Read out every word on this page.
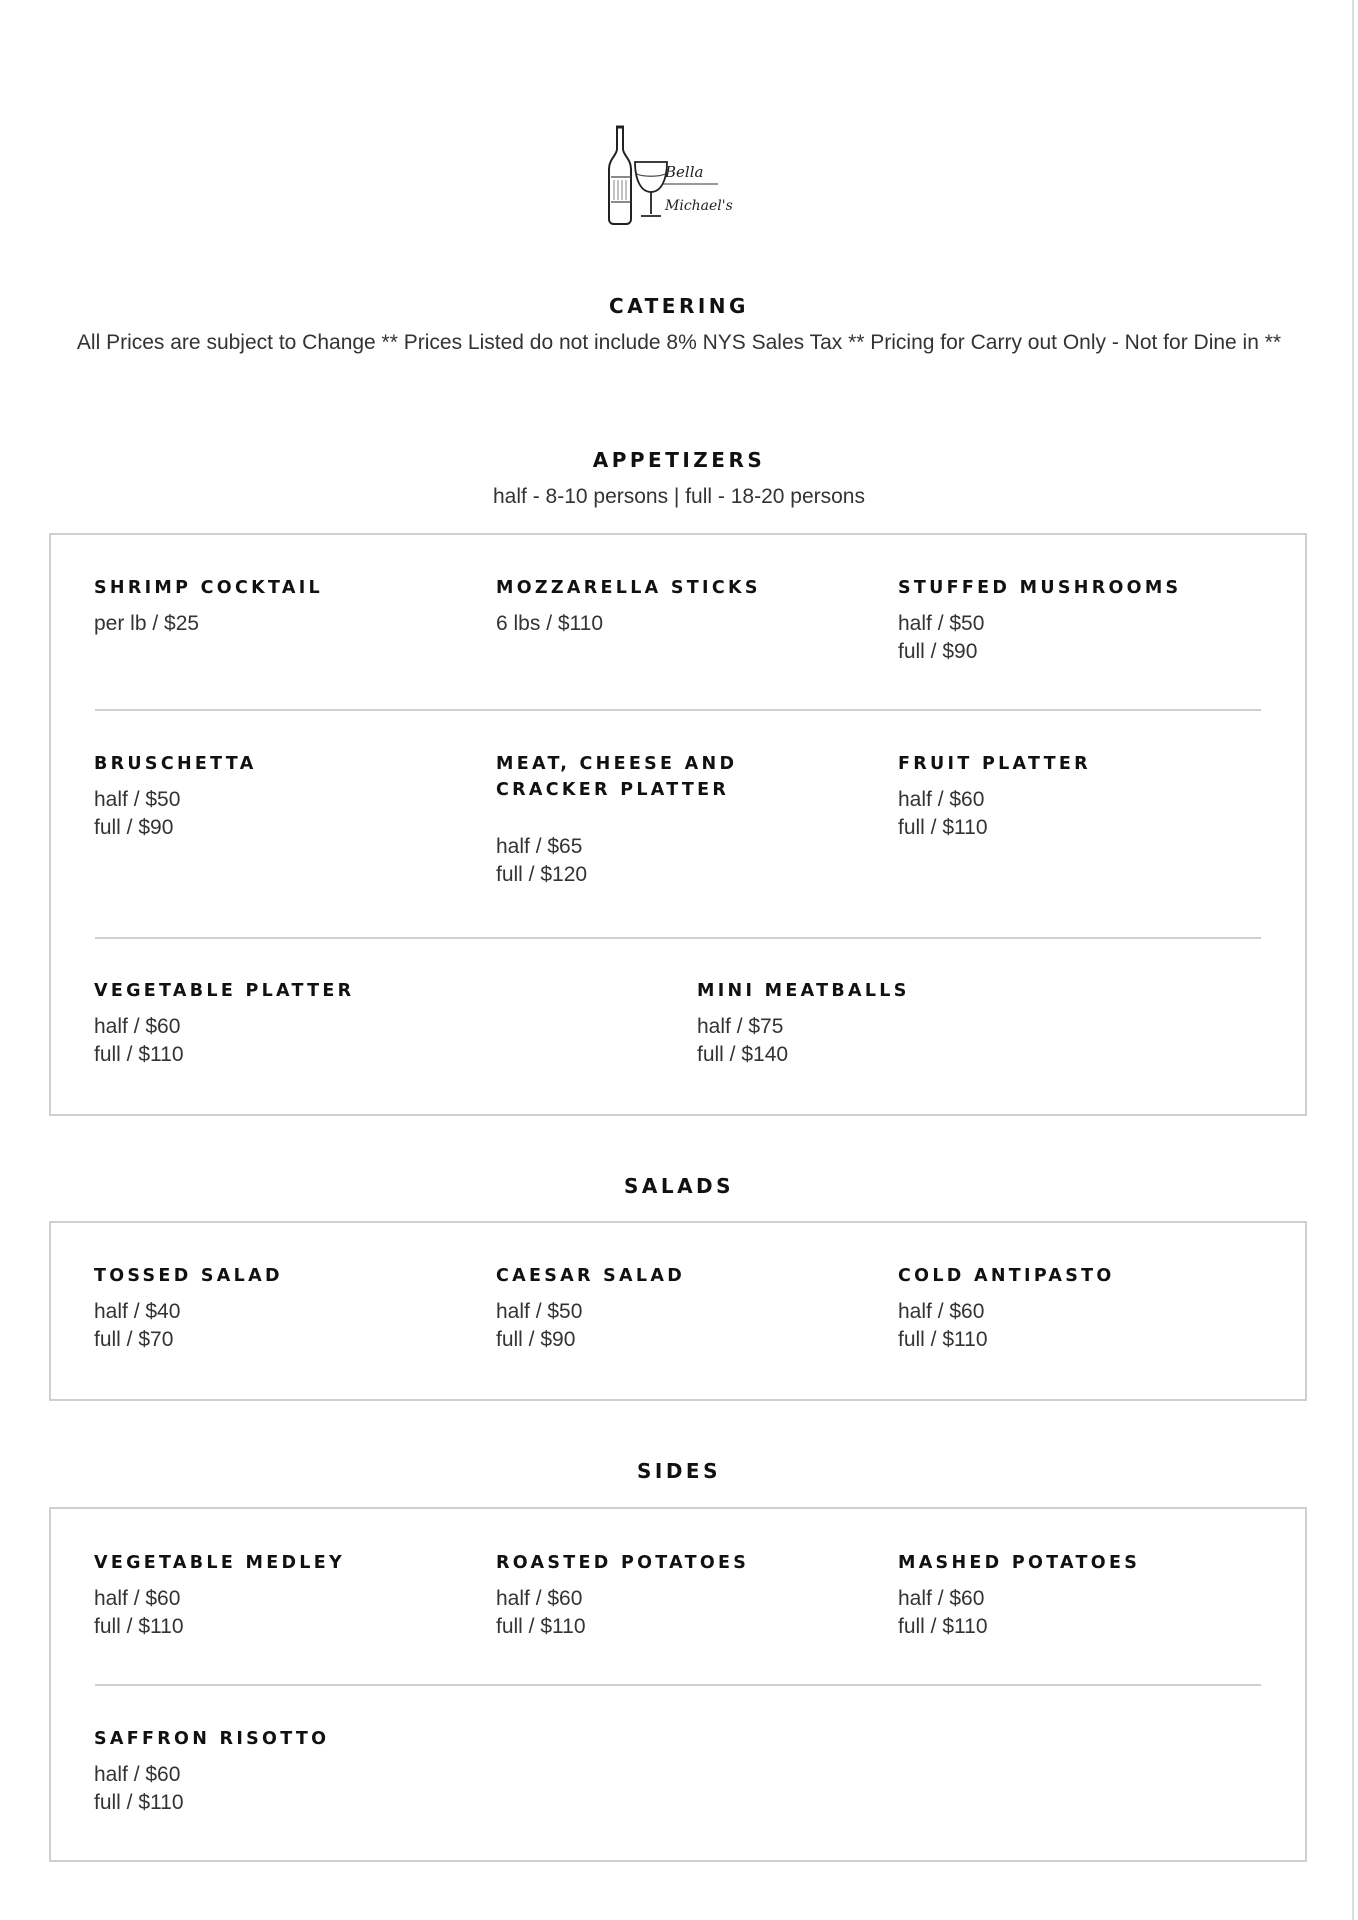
Bella
Michael's
CATERING
All Prices are subject to Change ** Prices Listed do not include 8% NYS Sales Tax ** Pricing for Carry out Only - Not for Dine in **
APPETIZERS
half - 8-10 persons | full - 18-20 persons
SHRIMP COCKTAIL
per lb / $25
MOZZARELLA STICKS
6 lbs / $110
STUFFED MUSHROOMS
half / $50
full / $90
BRUSCHETTA
half / $50
full / $90
MEAT, CHEESE AND CRACKER PLATTER
half / $65
full / $120
FRUIT PLATTER
half / $60
full / $110
VEGETABLE PLATTER
half / $60
full / $110
MINI MEATBALLS
half / $75
full / $140
SALADS
TOSSED SALAD
half / $40
full / $70
CAESAR SALAD
half / $50
full / $90
COLD ANTIPASTO
half / $60
full / $110
SIDES
VEGETABLE MEDLEY
half / $60
full / $110
ROASTED POTATOES
half / $60
full / $110
MASHED POTATOES
half / $60
full / $110
SAFFRON RISOTTO
half / $60
full / $110
